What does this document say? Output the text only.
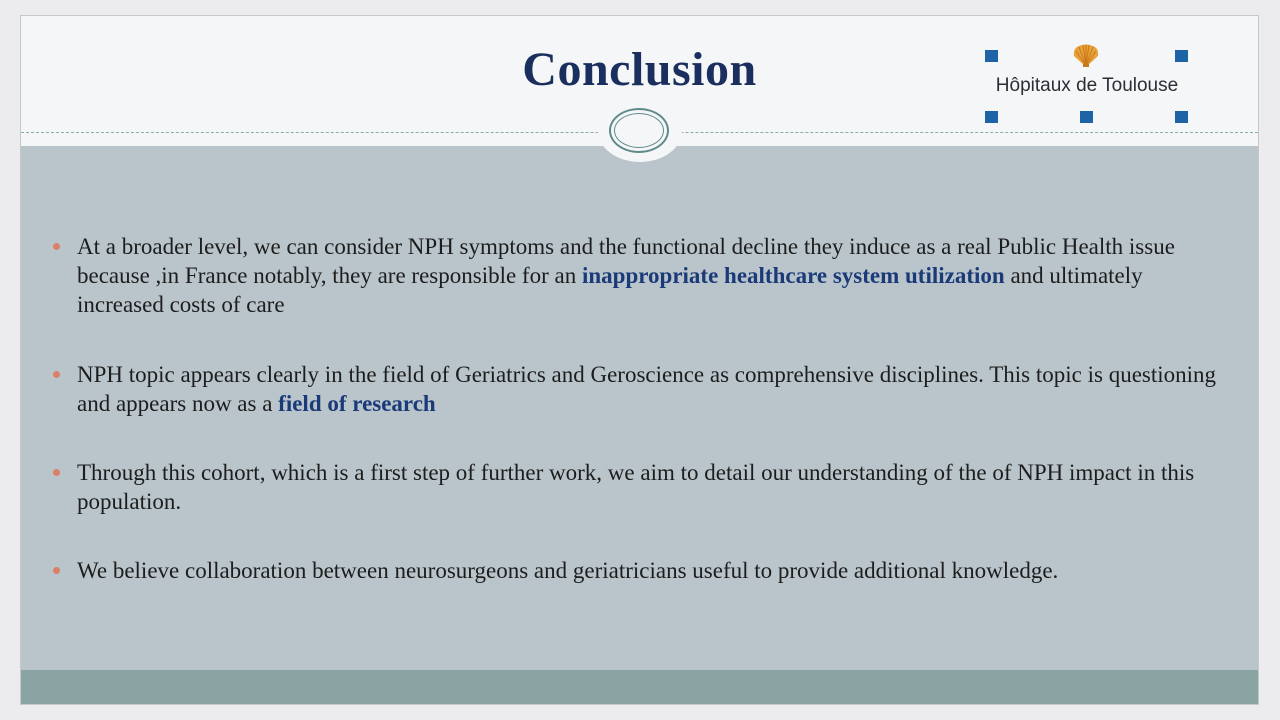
Conclusion	Hôpitaux de Toulouse
At a broader level, we can consider NPH symptoms and the functional decline they induce as a real Public Health issue because ,in France notably, they are responsible for an inappropriate healthcare system utilization and ultimately increased costs of care
NPH topic appears clearly in the field of Geriatrics and Geroscience as comprehensive disciplines. This topic is questioning and appears now as a field of research
Through this cohort, which is a first step of further work, we aim to detail our understanding of the of NPH impact in this population.
We believe collaboration between neurosurgeons and geriatricians useful to provide additional knowledge.
